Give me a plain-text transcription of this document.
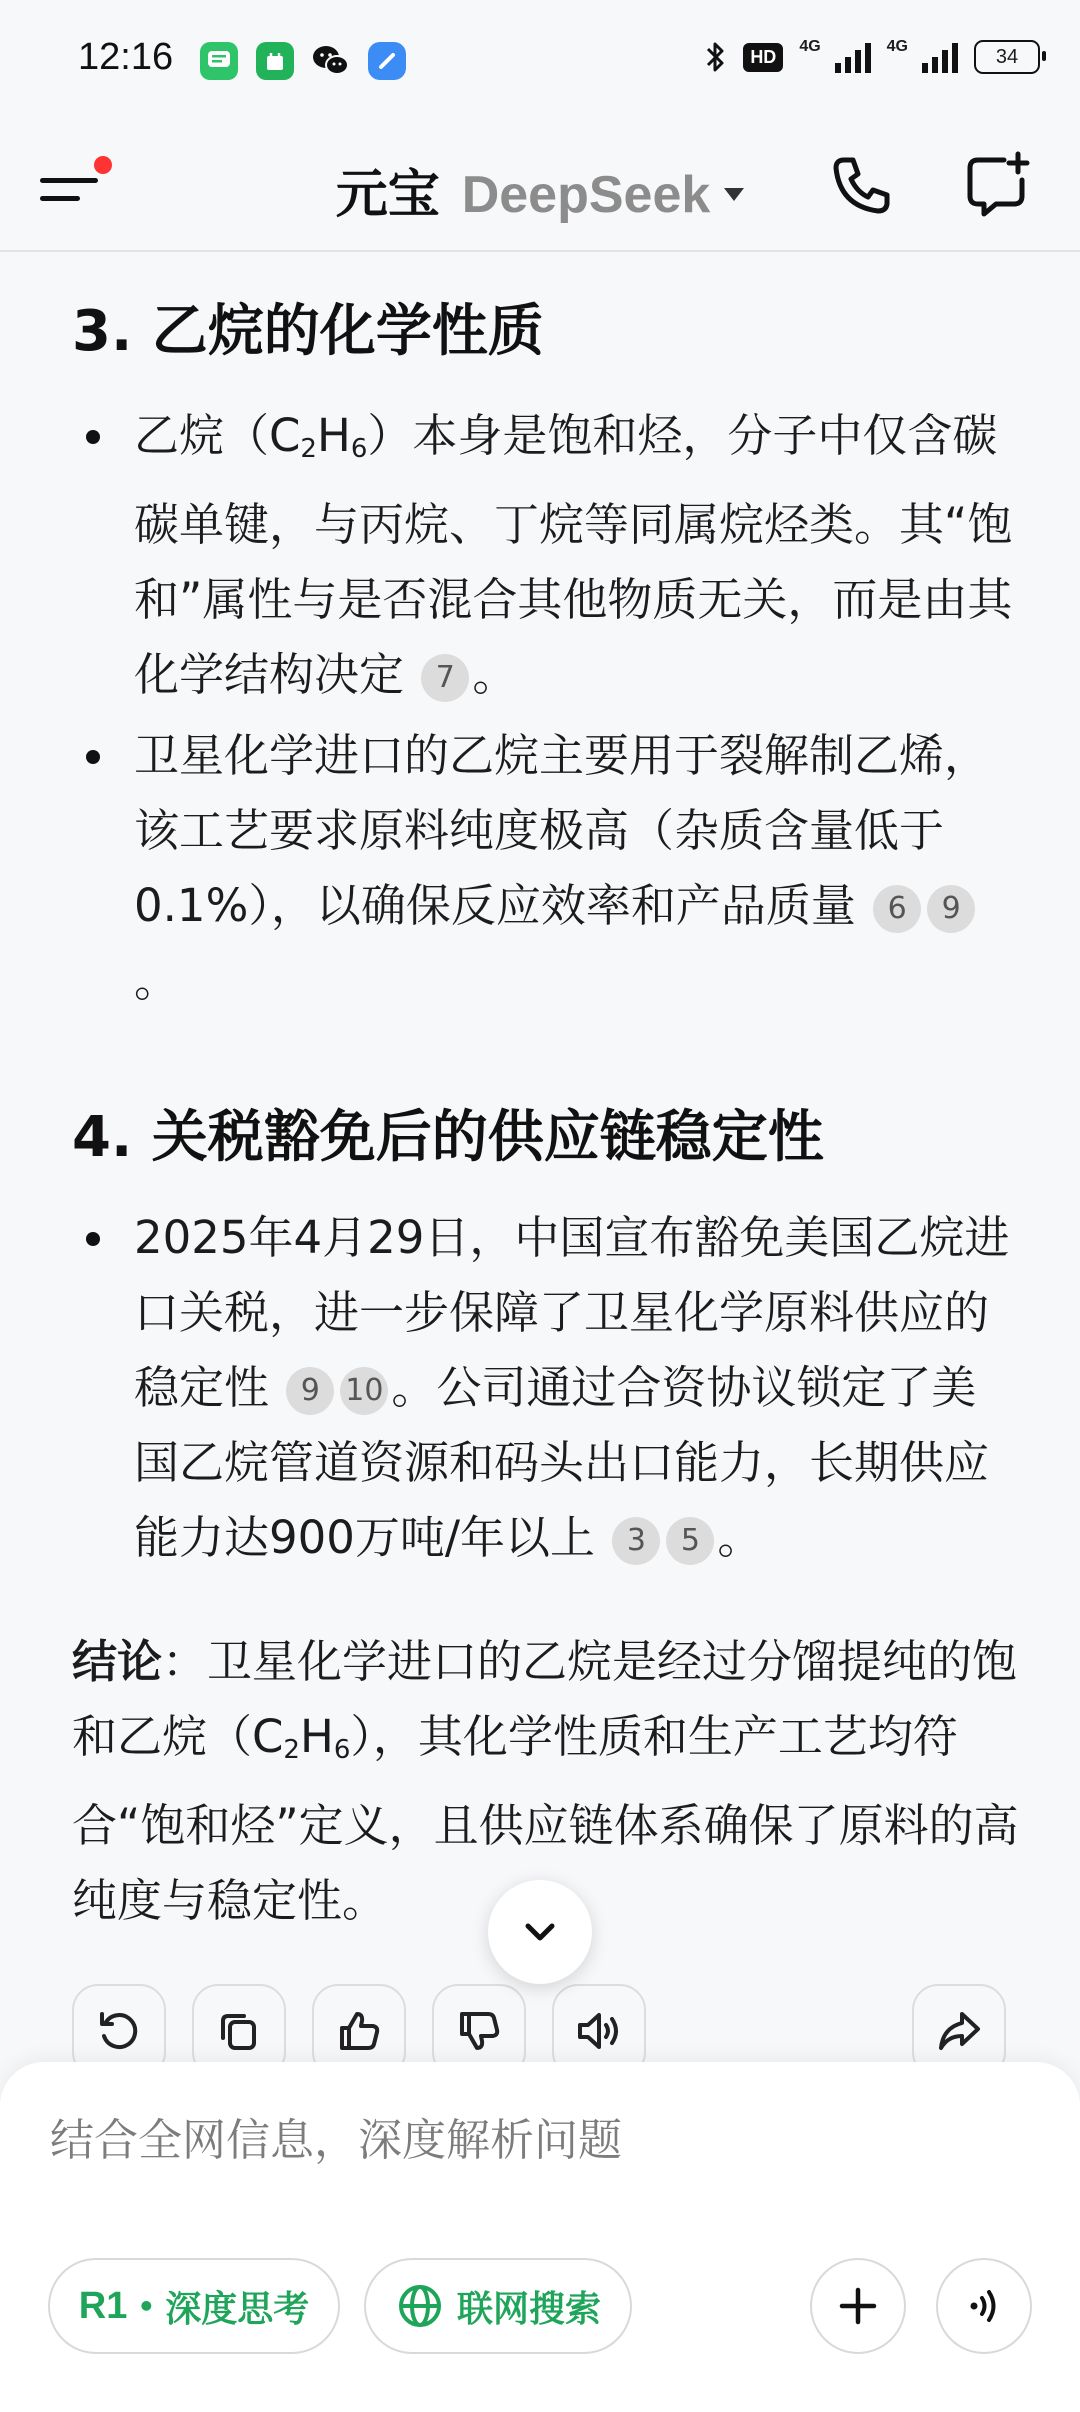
12:16	HD	4G	4G	34
元宝 DeepSeek
3. 乙烷的化学性质
乙烷$(C_2H_6)$本身是饱和烃，分子中仅含碳碳单键，与丙烷、丁烷等同属烷烃类。其“饱和”属性与是否混合其他物质无关，而是由其化学结构决定 7 。
卫星化学进口的乙烷主要用于裂解制乙烯，该工艺要求原料纯度极高（杂质含量低于0.1%），以确保反应效率和产品质量 6 9。
4. 关税豁免后的供应链稳定性
2025年4月29日，中国宣布豁免美国乙烷进口关税，进一步保障了卫星化学原料供应的稳定性 9 10 。公司通过合资协议锁定了美国乙烷管道资源和码头出口能力，长期供应能力达900万吨/年以上 3 5 。
结论：卫星化学进口的乙烷是经过分馏提纯的饱和乙烷$(C_2H_6)$，其化学性质和生产工艺均符合“饱和烃”定义，且供应链体系确保了原料的高纯度与稳定性。
结合全网信息，深度解析问题
R1 • 深度思考	联网搜索
